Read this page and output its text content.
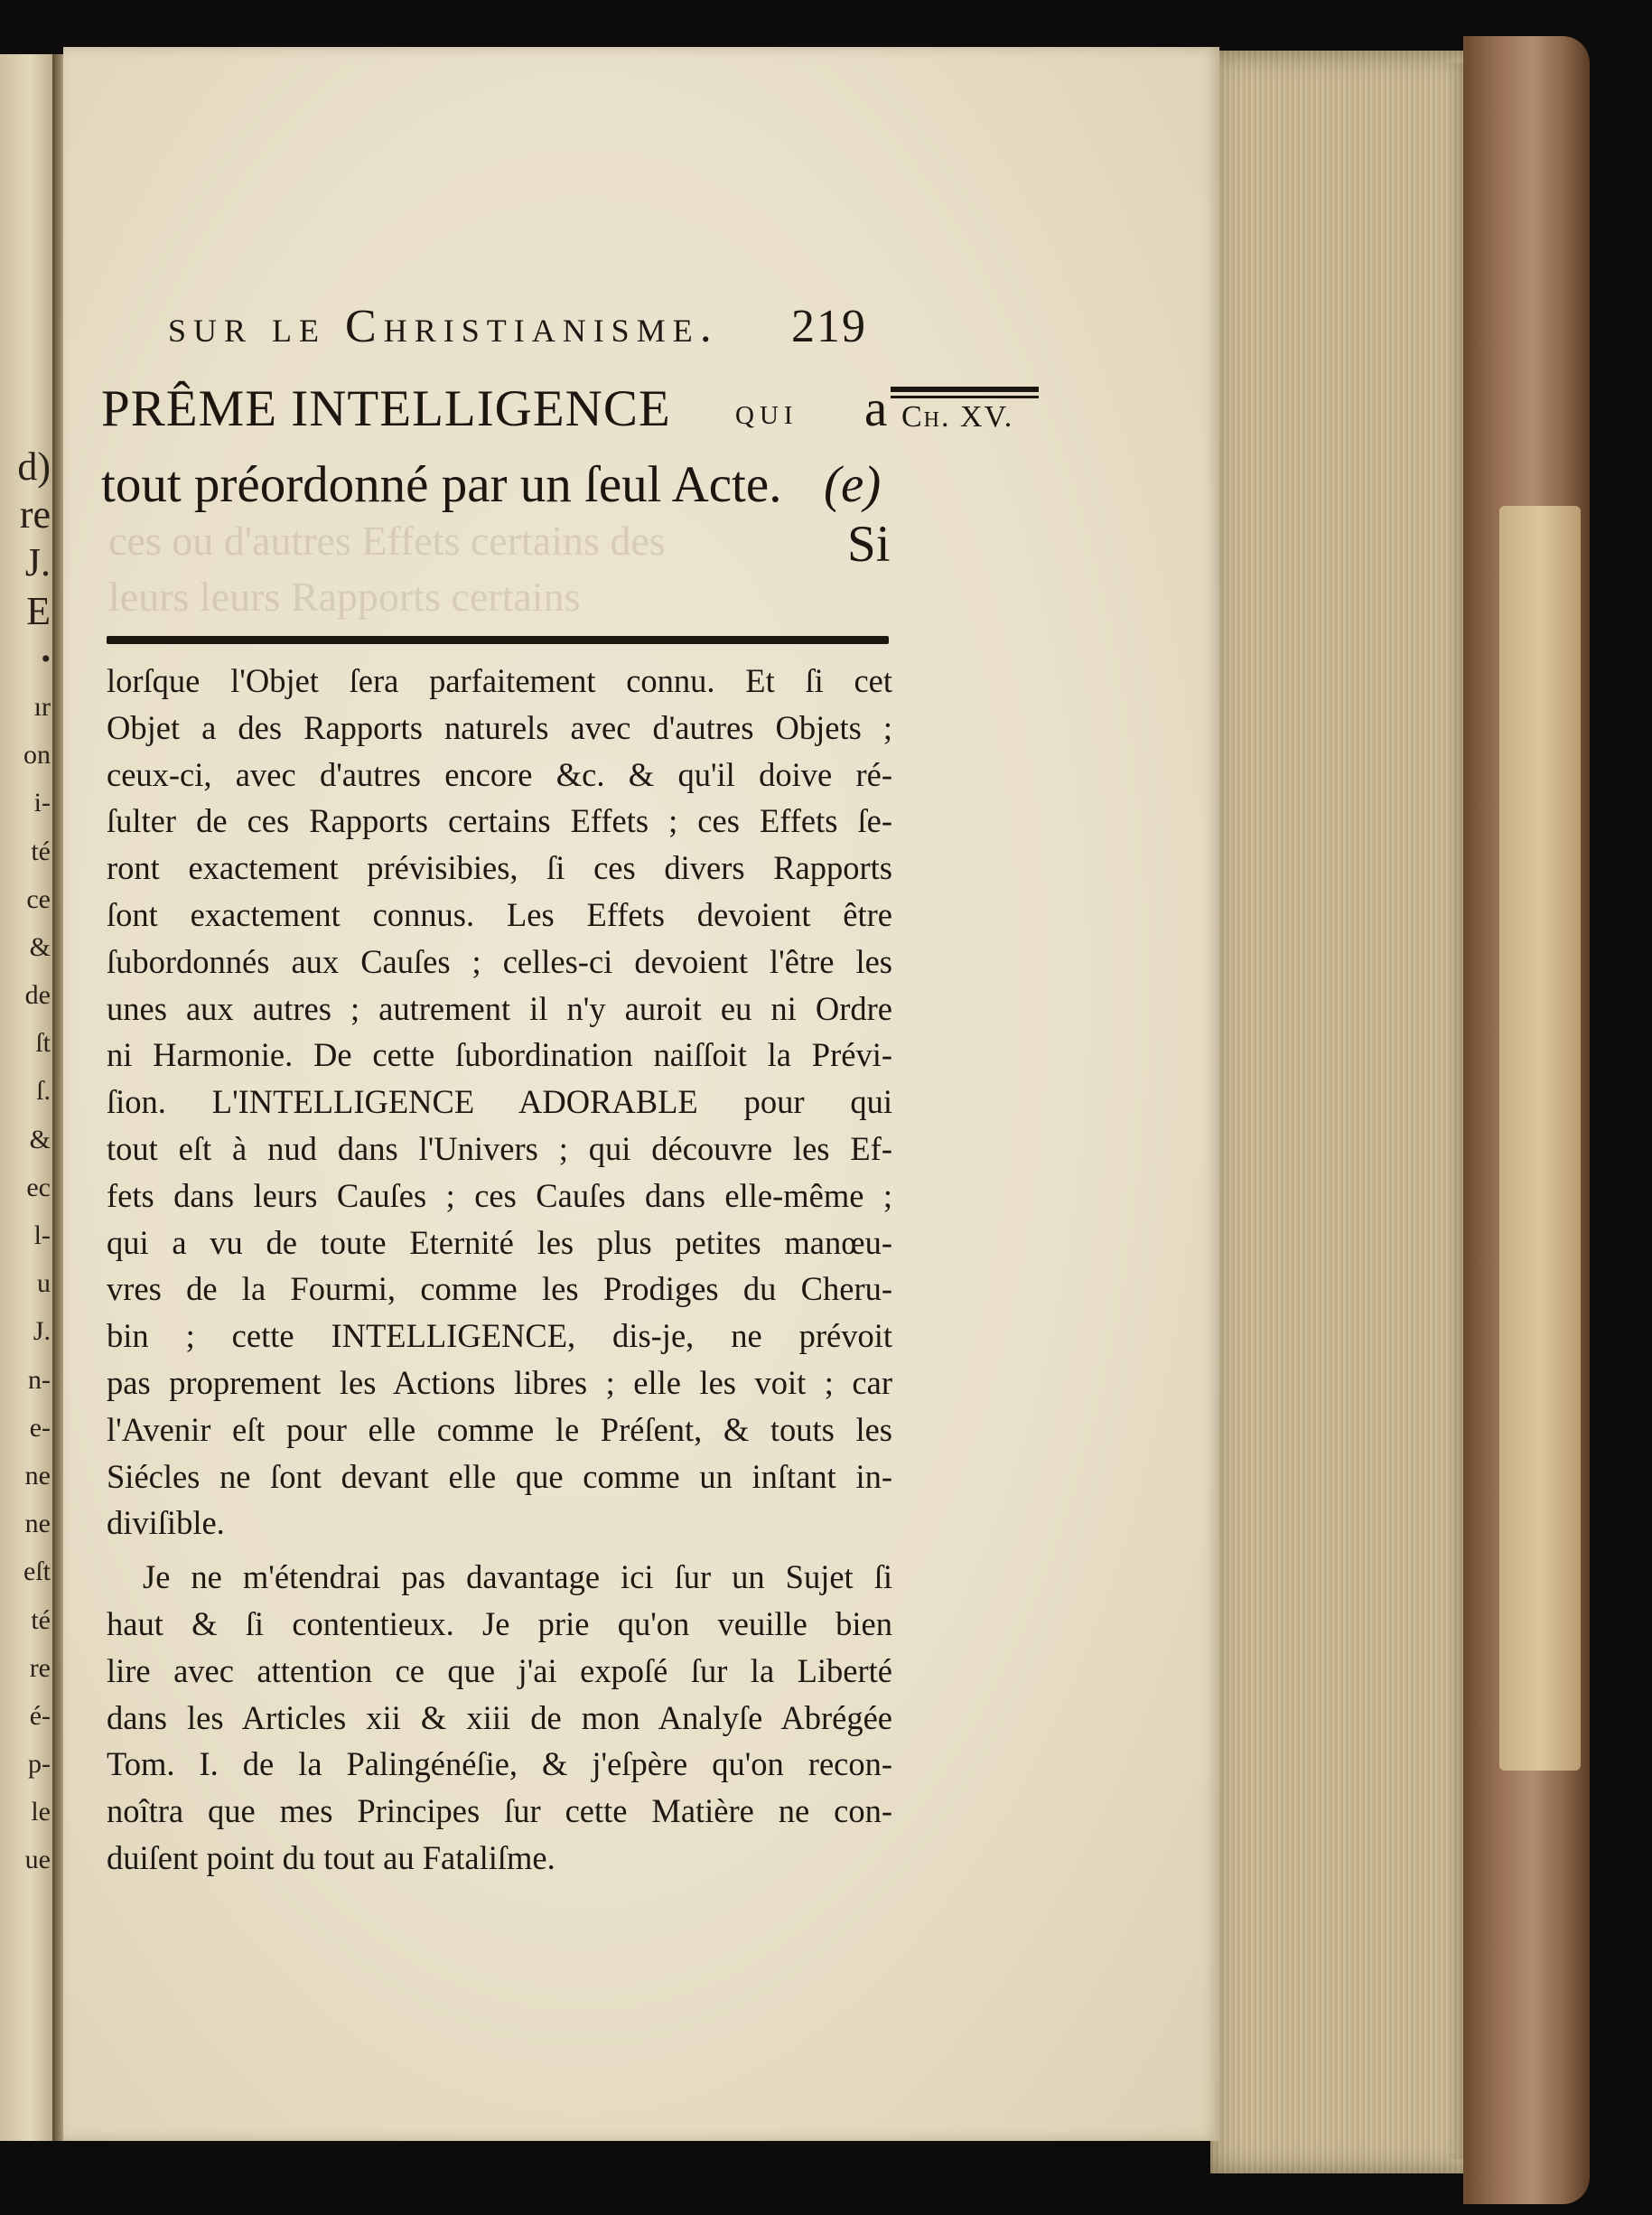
d)
re
J.
E
•
ır
on
i-
té
ce
&
de
ſt
ſ.
&
ec
l-
u
J.
n-
e-
ne
ne
eſt
té
re
é-
p-
le
ue
sur le Christianisme. 219
ces ou d'autres Effets certains des
leurs leurs Rapports certains
PRÊME INTELLIGENCE qui a
tout préordonné par un ſeul Acte. (e)
Si
Ch. XV.
lorſque l'Objet ſera parfaitement connu. Et ſi cet
Objet a des Rapports naturels avec d'autres Objets ;
ceux-ci, avec d'autres encore &c. & qu'il doive ré-
ſulter de ces Rapports certains Effets ; ces Effets ſe-
ront exactement prévisibies, ſi ces divers Rapports
ſont exactement connus. Les Effets devoient être
ſubordonnés aux Cauſes ; celles-ci devoient l'être les
unes aux autres ; autrement il n'y auroit eu ni Ordre
ni Harmonie. De cette ſubordination naiſſoit la Prévi-
ſion. L'INTELLIGENCE ADORABLE pour qui
tout eſt à nud dans l'Univers ; qui découvre les Ef-
fets dans leurs Cauſes ; ces Cauſes dans elle-même ;
qui a vu de toute Eternité les plus petites manœu-
vres de la Fourmi, comme les Prodiges du Cheru-
bin ; cette INTELLIGENCE, dis-je, ne prévoit
pas proprement les Actions libres ; elle les voit ; car
l'Avenir eſt pour elle comme le Préſent, & touts les
Siécles ne ſont devant elle que comme un inſtant in-
diviſible.
Je ne m'étendrai pas davantage ici ſur un Sujet ſi
haut & ſi contentieux. Je prie qu'on veuille bien
lire avec attention ce que j'ai expoſé ſur la Liberté
dans les Articles xii & xiii de mon Analyſe Abrégée
Tom. I. de la Palingénéſie, & j'eſpère qu'on recon-
noîtra que mes Principes ſur cette Matière ne con-
duiſent point du tout au Fataliſme.
